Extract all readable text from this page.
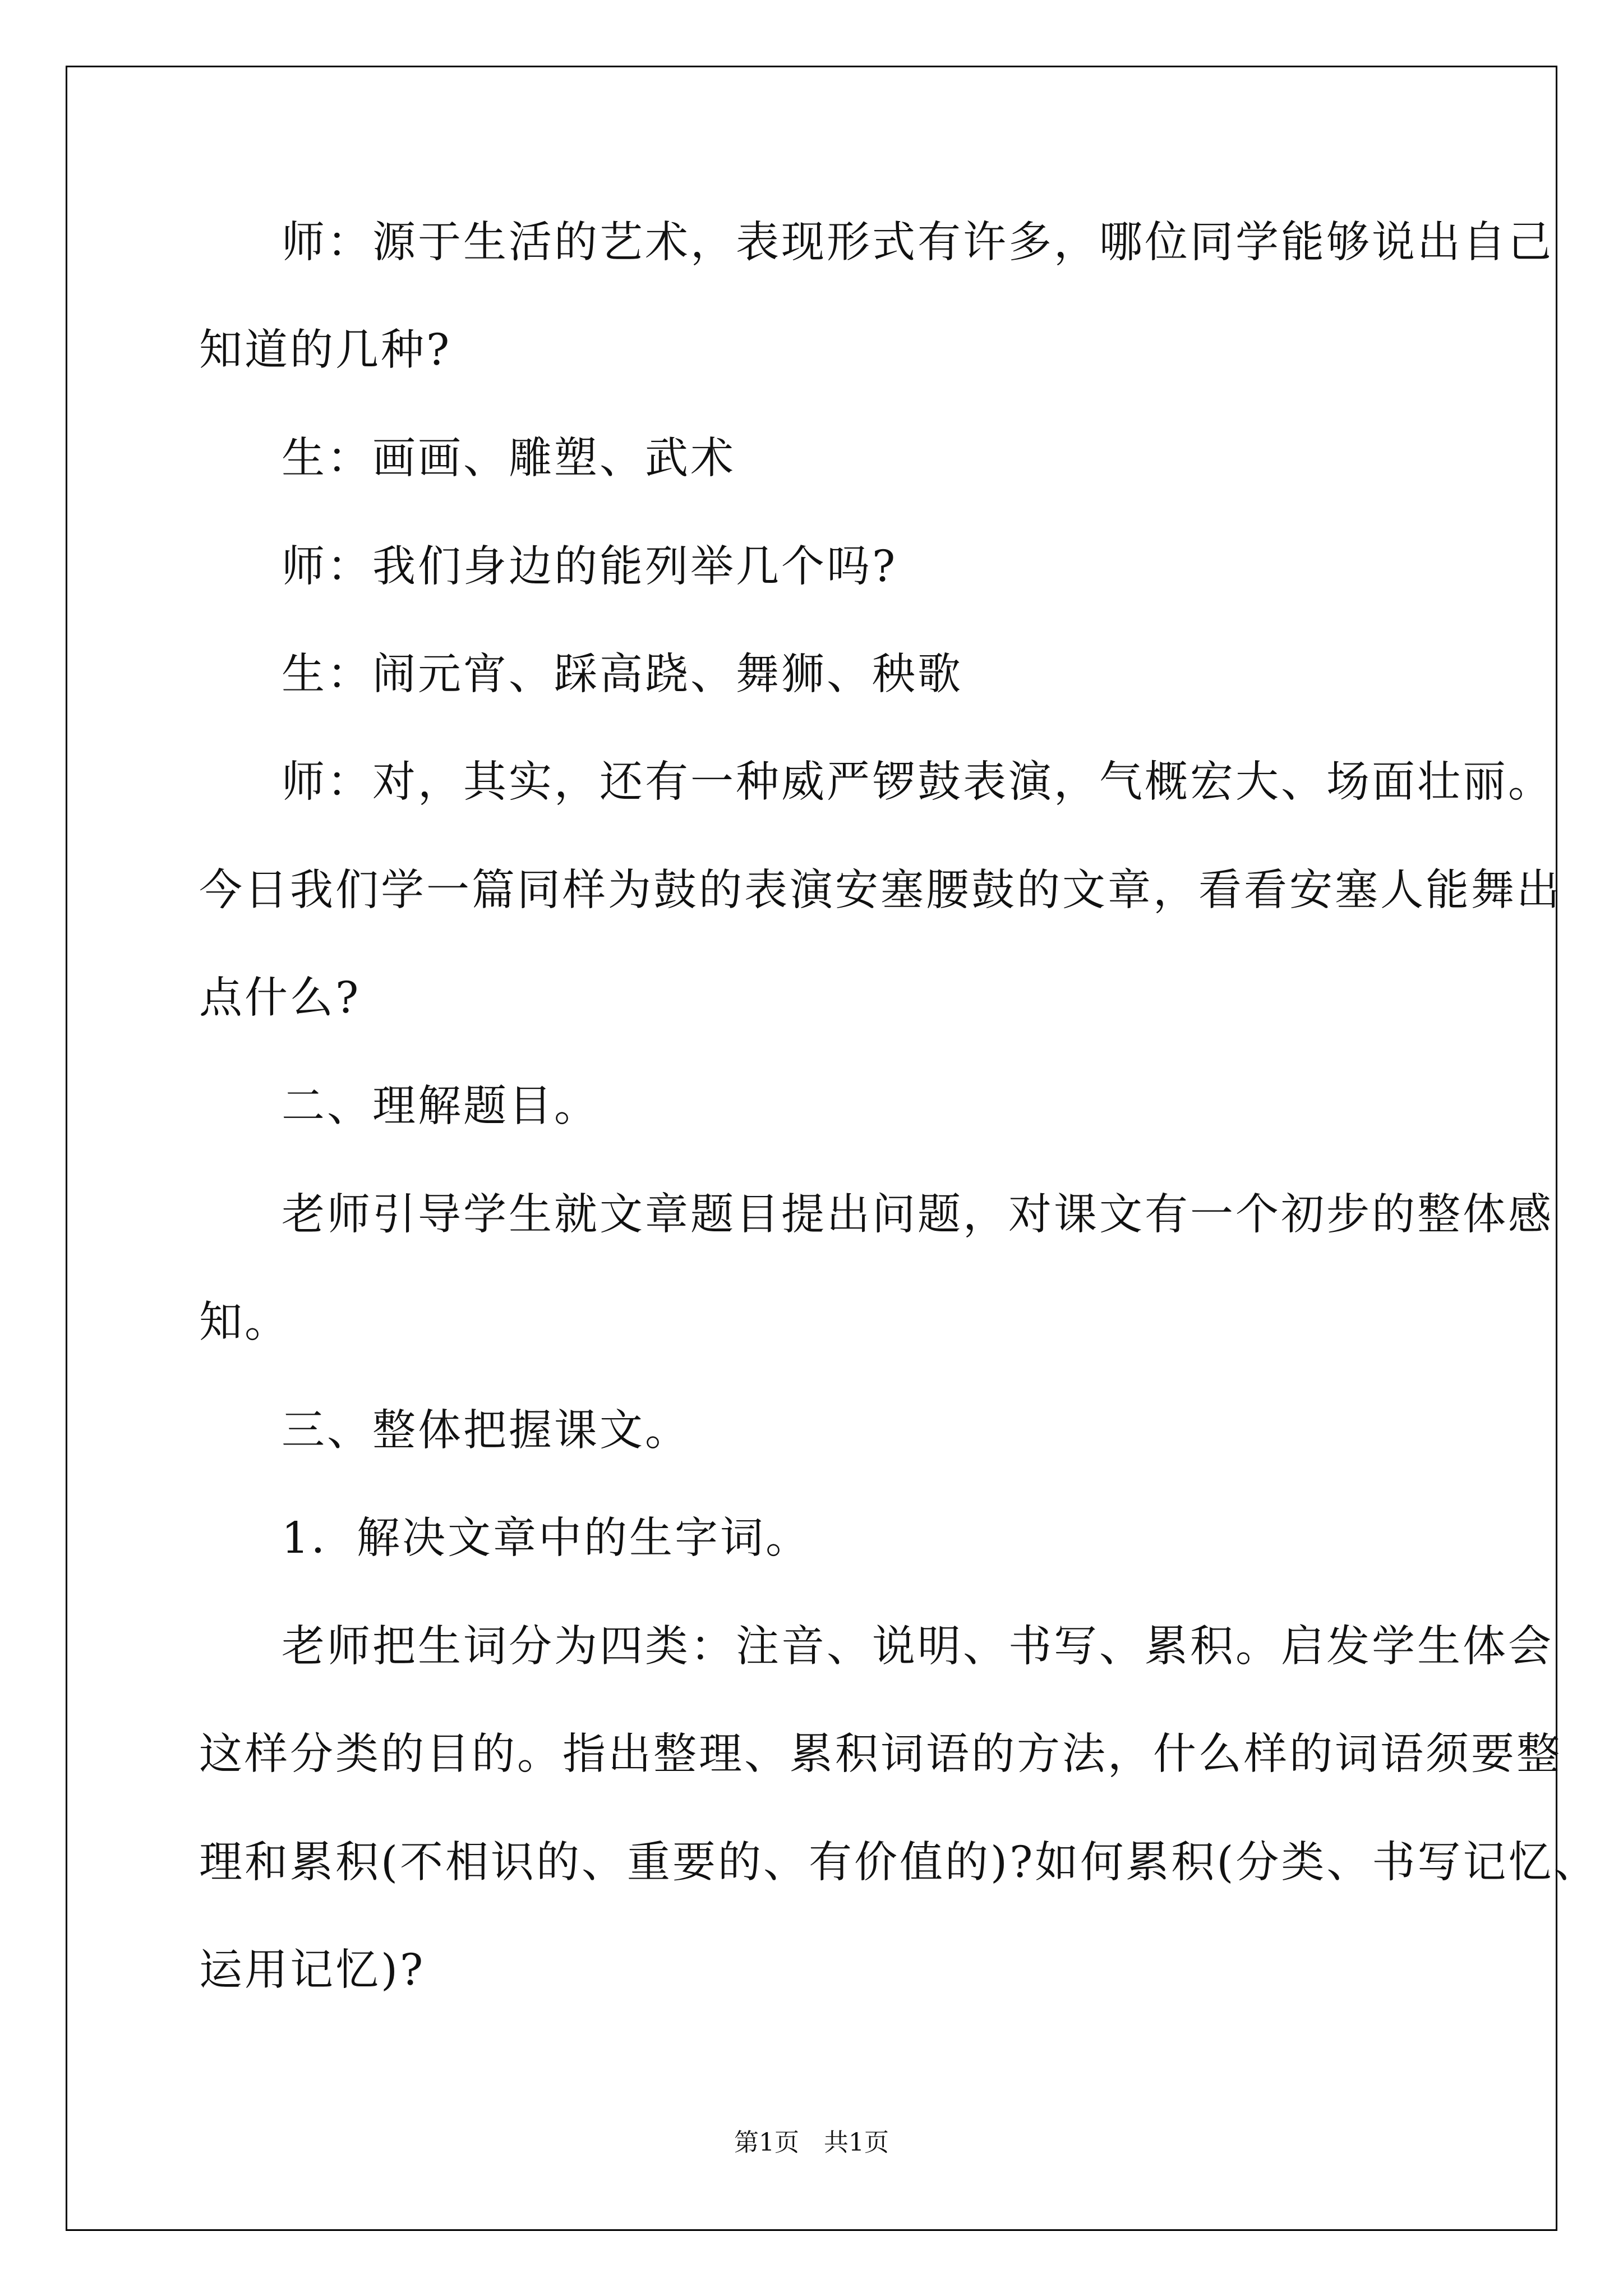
师：源于生活的艺术，表现形式有许多，哪位同学能够说出自己
知道的几种?
生：画画、雕塑、武术
师：我们身边的能列举几个吗?
生：闹元宵、踩高跷、舞狮、秧歌
师：对，其实，还有一种威严锣鼓表演，气概宏大、场面壮丽。
今日我们学一篇同样为鼓的表演安塞腰鼓的文章，看看安塞人能舞出
点什么?
二、理解题目。
老师引导学生就文章题目提出问题，对课文有一个初步的整体感
知。
三、整体把握课文。
1．解决文章中的生字词。
老师把生词分为四类：注音、说明、书写、累积。启发学生体会
这样分类的目的。指出整理、累积词语的方法，什么样的词语须要整
理和累积(不相识的、重要的、有价值的)?如何累积(分类、书写记忆、
运用记忆)?
第1页　共1页
